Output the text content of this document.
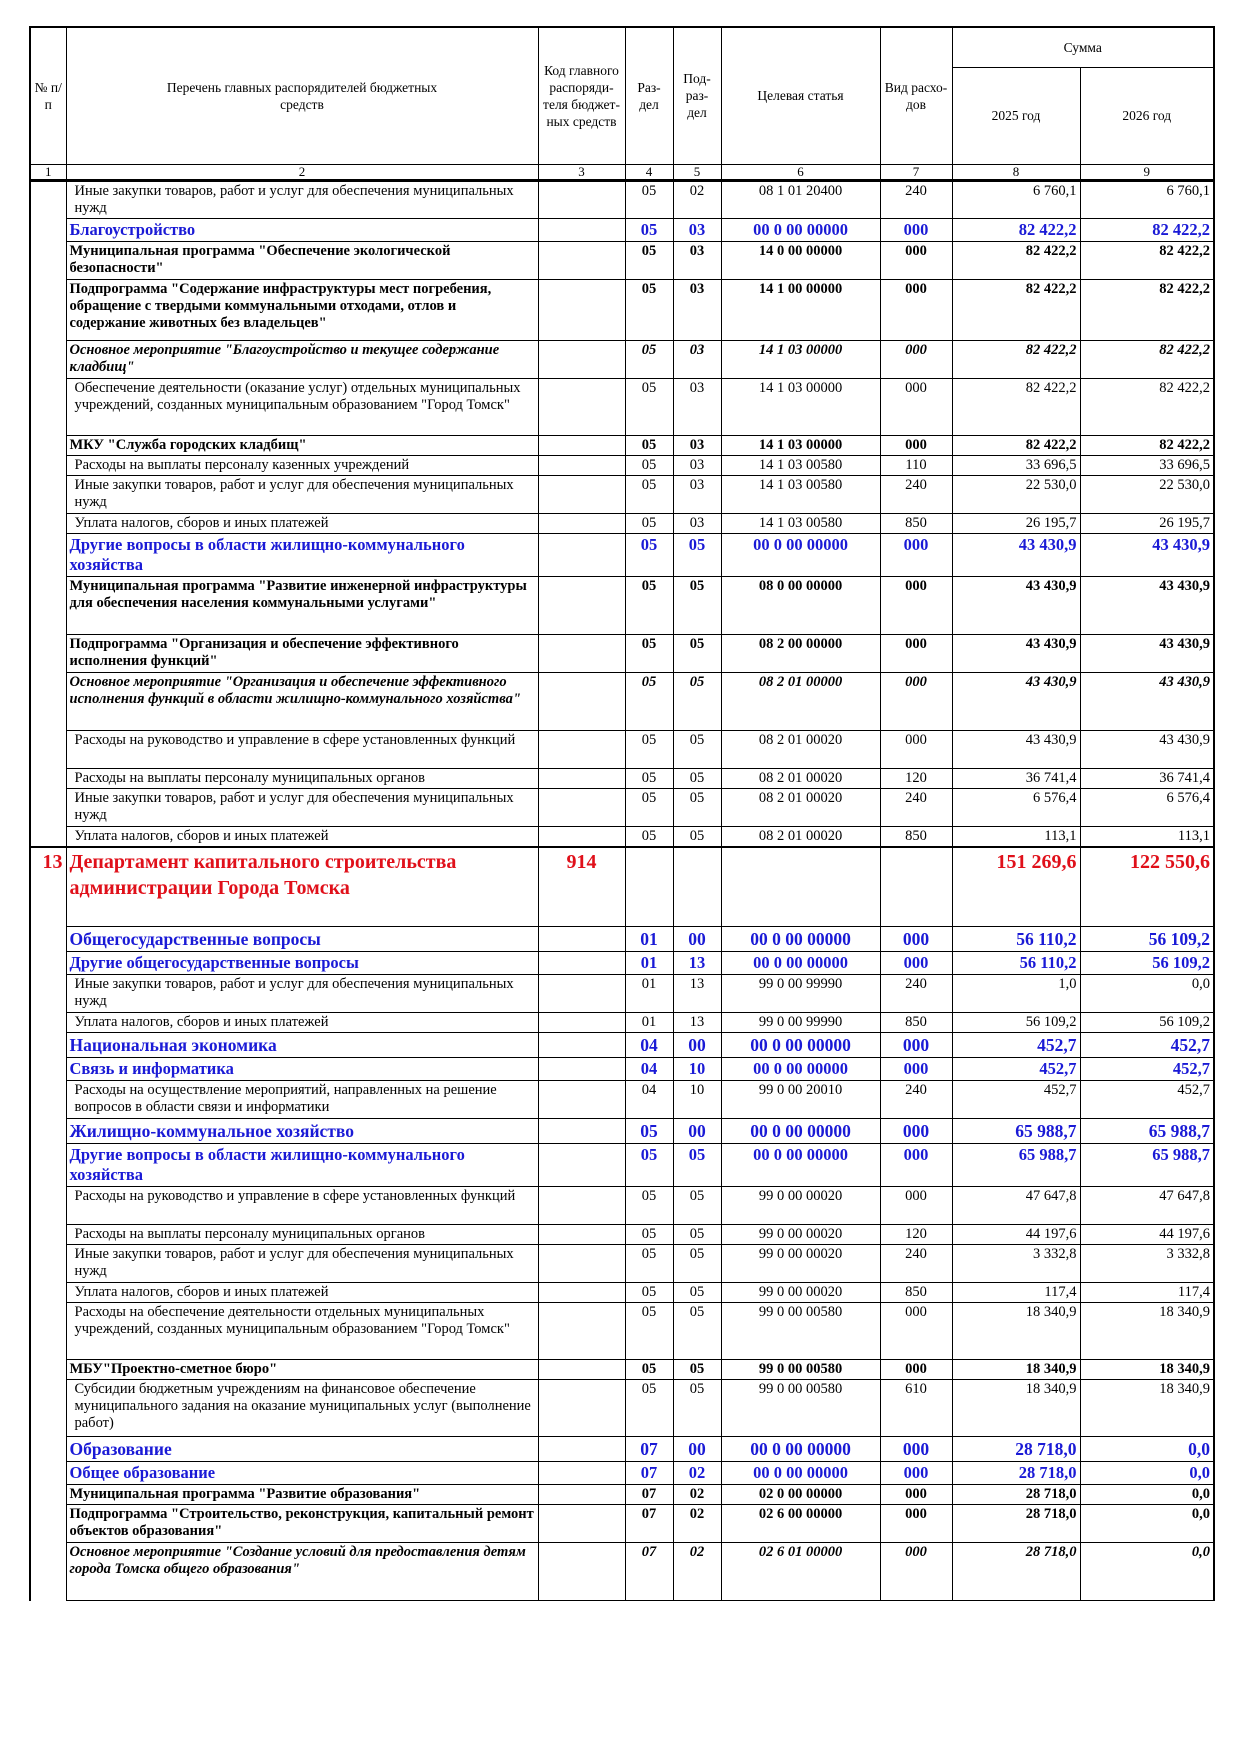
№ п/п	Перечень главных распорядителей бюджетных средств	Код главного распоряди-теля бюджет-ных средств	Раз-дел	Под-раз-дел	Целевая статья	Вид расхо-дов	Сумма	
							2025 год	2026 год
1	2	3	4	5	6	7	8	9
	Иные закупки товаров, работ и услуг для обеспечения муниципальных нужд		05	02	08 1 01 20400	240	6 760,1	6 760,1
	Благоустройство		05	03	00 0 00 00000	000	82 422,2	82 422,2
	Муниципальная программа "Обеспечение экологической безопасности"		05	03	14 0 00 00000	000	82 422,2	82 422,2
	Подпрограмма "Содержание инфраструктуры мест погребения, обращение с твердыми коммунальными отходами, отлов и содержание животных без владельцев"		05	03	14 1 00 00000	000	82 422,2	82 422,2
	Основное мероприятие "Благоустройство и текущее содержание кладбищ"		05	03	14 1 03 00000	000	82 422,2	82 422,2
	Обеспечение деятельности (оказание услуг) отдельных муниципальных учреждений, созданных муниципальным образованием "Город Томск"		05	03	14 1 03 00000	000	82 422,2	82 422,2
	МКУ "Служба городских кладбищ"		05	03	14 1 03 00000	000	82 422,2	82 422,2
	Расходы на выплаты персоналу казенных учреждений		05	03	14 1 03 00580	110	33 696,5	33 696,5
	Иные закупки товаров, работ и услуг для обеспечения муниципальных нужд		05	03	14 1 03 00580	240	22 530,0	22 530,0
	Уплата налогов, сборов и иных платежей		05	03	14 1 03 00580	850	26 195,7	26 195,7
	Другие вопросы в области жилищно-коммунального хозяйства		05	05	00 0 00 00000	000	43 430,9	43 430,9
	Муниципальная программа "Развитие инженерной инфраструктуры для обеспечения населения коммунальными услугами"		05	05	08 0 00 00000	000	43 430,9	43 430,9
	Подпрограмма "Организация и обеспечение эффективного исполнения функций"		05	05	08 2 00 00000	000	43 430,9	43 430,9
	Основное мероприятие "Организация и обеспечение эффективного исполнения функций в области жилищно-коммунального хозяйства"		05	05	08 2 01 00000	000	43 430,9	43 430,9
	Расходы на руководство и управление в сфере установленных функций		05	05	08 2 01 00020	000	43 430,9	43 430,9
	Расходы на выплаты персоналу муниципальных органов		05	05	08 2 01 00020	120	36 741,4	36 741,4
	Иные закупки товаров, работ и услуг для обеспечения муниципальных нужд		05	05	08 2 01 00020	240	6 576,4	6 576,4
	Уплата налогов, сборов и иных платежей		05	05	08 2 01 00020	850	113,1	113,1
13	Департамент капитального строительства администрации Города Томска	914					151 269,6	122 550,6
	Общегосударственные вопросы		01	00	00 0 00 00000	000	56 110,2	56 109,2
	Другие общегосударственные вопросы		01	13	00 0 00 00000	000	56 110,2	56 109,2
	Иные закупки товаров, работ и услуг для обеспечения муниципальных нужд		01	13	99 0 00 99990	240	1,0	0,0
	Уплата налогов, сборов и иных платежей		01	13	99 0 00 99990	850	56 109,2	56 109,2
	Национальная экономика		04	00	00 0 00 00000	000	452,7	452,7
	Связь и информатика		04	10	00 0 00 00000	000	452,7	452,7
	Расходы на осуществление мероприятий, направленных на решение вопросов в области связи и информатики		04	10	99 0 00 20010	240	452,7	452,7
	Жилищно-коммунальное хозяйство		05	00	00 0 00 00000	000	65 988,7	65 988,7
	Другие вопросы в области жилищно-коммунального хозяйства		05	05	00 0 00 00000	000	65 988,7	65 988,7
	Расходы на руководство и управление в сфере установленных функций		05	05	99 0 00 00020	000	47 647,8	47 647,8
	Расходы на выплаты персоналу муниципальных органов		05	05	99 0 00 00020	120	44 197,6	44 197,6
	Иные закупки товаров, работ и услуг для обеспечения муниципальных нужд		05	05	99 0 00 00020	240	3 332,8	3 332,8
	Уплата налогов, сборов и иных платежей		05	05	99 0 00 00020	850	117,4	117,4
	Расходы на обеспечение деятельности отдельных муниципальных учреждений, созданных муниципальным образованием "Город Томск"		05	05	99 0 00 00580	000	18 340,9	18 340,9
	МБУ"Проектно-сметное бюро"		05	05	99 0 00 00580	000	18 340,9	18 340,9
	Субсидии бюджетным учреждениям на финансовое обеспечение муниципального задания на оказание муниципальных услуг (выполнение работ)		05	05	99 0 00 00580	610	18 340,9	18 340,9
	Образование		07	00	00 0 00 00000	000	28 718,0	0,0
	Общее образование		07	02	00 0 00 00000	000	28 718,0	0,0
	Муниципальная программа "Развитие образования"		07	02	02 0 00 00000	000	28 718,0	0,0
	Подпрограмма "Строительство, реконструкция, капитальный ремонт объектов образования"		07	02	02 6 00 00000	000	28 718,0	0,0
	Основное мероприятие "Создание условий для предоставления детям города Томска общего образования"		07	02	02 6 01 00000	000	28 718,0	0,0
